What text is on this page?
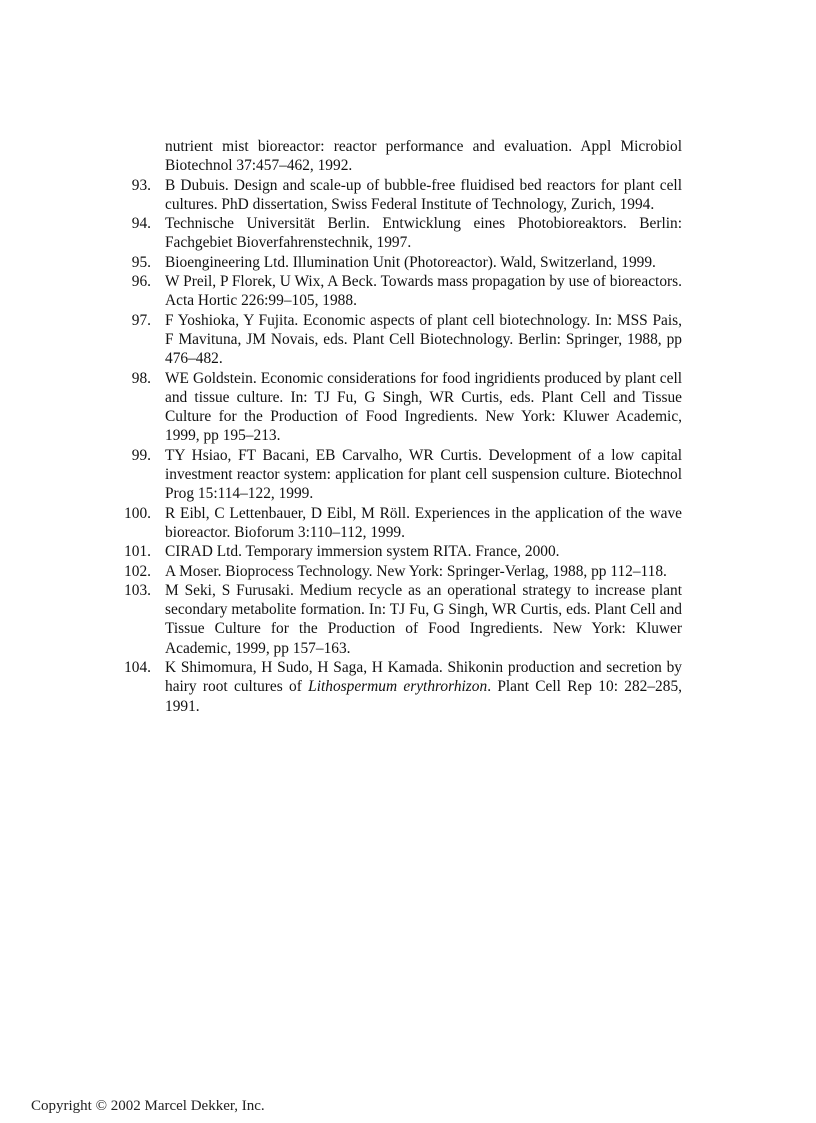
nutrient mist bioreactor: reactor performance and evaluation. Appl Microbiol Biotechnol 37:457–462, 1992.
93. B Dubuis. Design and scale-up of bubble-free fluidised bed reactors for plant cell cultures. PhD dissertation, Swiss Federal Institute of Technology, Zurich, 1994.
94. Technische Universität Berlin. Entwicklung eines Photobioreaktors. Berlin: Fachgebiet Bioverfahrenstechnik, 1997.
95. Bioengineering Ltd. Illumination Unit (Photoreactor). Wald, Switzerland, 1999.
96. W Preil, P Florek, U Wix, A Beck. Towards mass propagation by use of bioreactors. Acta Hortic 226:99–105, 1988.
97. F Yoshioka, Y Fujita. Economic aspects of plant cell biotechnology. In: MSS Pais, F Mavituna, JM Novais, eds. Plant Cell Biotechnology. Berlin: Springer, 1988, pp 476–482.
98. WE Goldstein. Economic considerations for food ingridients produced by plant cell and tissue culture. In: TJ Fu, G Singh, WR Curtis, eds. Plant Cell and Tissue Culture for the Production of Food Ingredients. New York: Kluwer Academic, 1999, pp 195–213.
99. TY Hsiao, FT Bacani, EB Carvalho, WR Curtis. Development of a low capital investment reactor system: application for plant cell suspension culture. Biotechnol Prog 15:114–122, 1999.
100. R Eibl, C Lettenbauer, D Eibl, M Röll. Experiences in the application of the wave bioreactor. Bioforum 3:110–112, 1999.
101. CIRAD Ltd. Temporary immersion system RITA. France, 2000.
102. A Moser. Bioprocess Technology. New York: Springer-Verlag, 1988, pp 112–118.
103. M Seki, S Furusaki. Medium recycle as an operational strategy to increase plant secondary metabolite formation. In: TJ Fu, G Singh, WR Curtis, eds. Plant Cell and Tissue Culture for the Production of Food Ingredients. New York: Kluwer Academic, 1999, pp 157–163.
104. K Shimomura, H Sudo, H Saga, H Kamada. Shikonin production and secretion by hairy root cultures of Lithospermum erythrorhizon. Plant Cell Rep 10: 282–285, 1991.
Copyright © 2002 Marcel Dekker, Inc.
